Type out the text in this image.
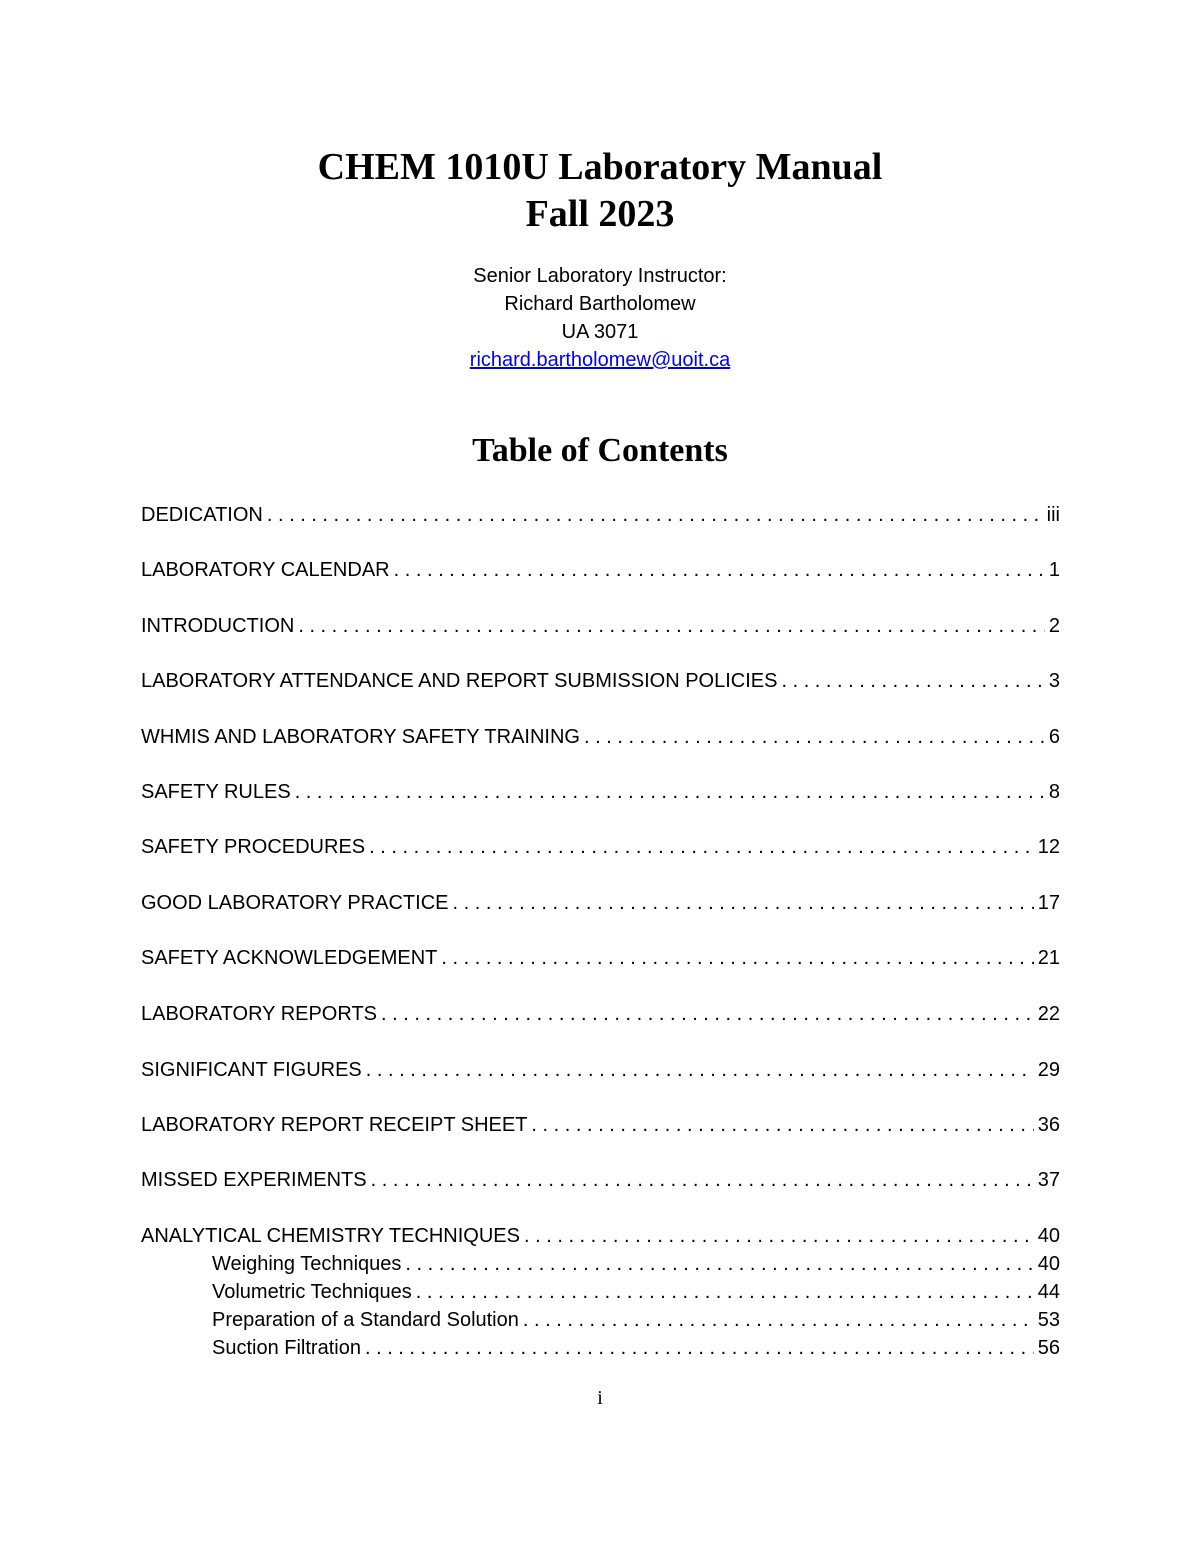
CHEM 1010U Laboratory Manual
Fall 2023
Senior Laboratory Instructor:
Richard Bartholomew
UA 3071
richard.bartholomew@uoit.ca
Table of Contents
DEDICATION . . .	iii
LABORATORY CALENDAR . . .	1
INTRODUCTION . . .	2
LABORATORY ATTENDANCE AND REPORT SUBMISSION POLICIES . . .	3
WHMIS AND LABORATORY SAFETY TRAINING . . .	6
SAFETY RULES . . .	8
SAFETY PROCEDURES . . .	12
GOOD LABORATORY PRACTICE . . .	17
SAFETY ACKNOWLEDGEMENT . . .	21
LABORATORY REPORTS . . .	22
SIGNIFICANT FIGURES . . .	29
LABORATORY REPORT RECEIPT SHEET . . .	36
MISSED EXPERIMENTS . . .	37
ANALYTICAL CHEMISTRY TECHNIQUES . . .	40
Weighing Techniques . . .	40
Volumetric Techniques . . .	44
Preparation of a Standard Solution . . .	53
Suction Filtration . . .	56
i
